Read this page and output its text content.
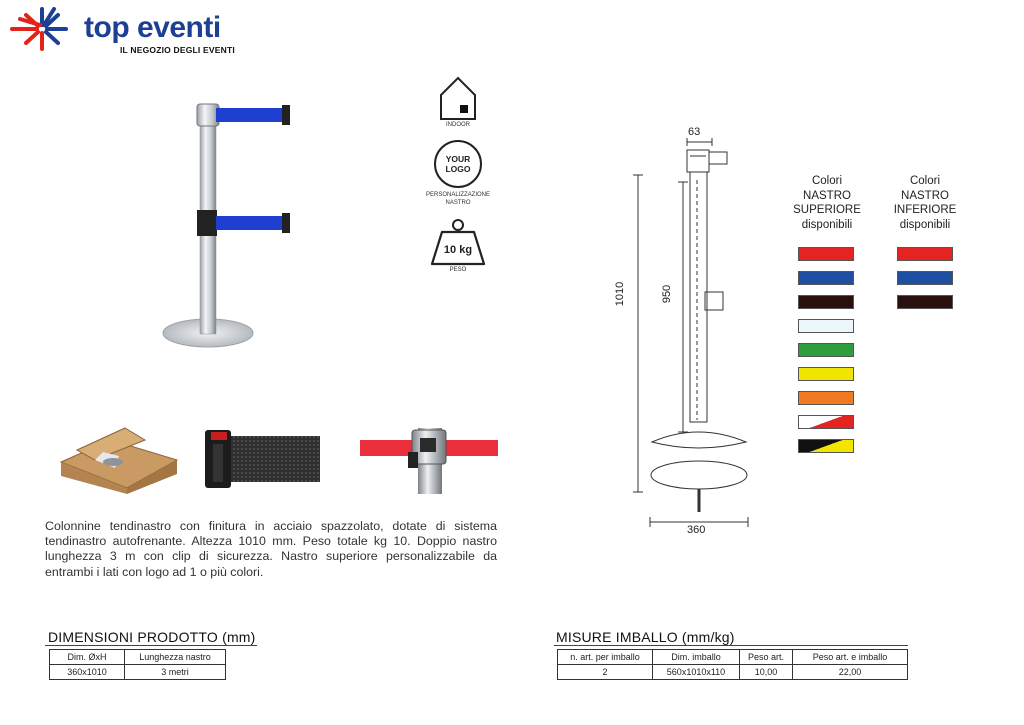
top eventi
IL NEGOZIO DEGLI EVENTI
INDOOR
YOUR LOGO
PERSONALIZZAZIONE NASTRO
10 kg
PESO
63
1010	950
360
Colori
NASTRO
SUPERIORE
disponibili
Colori
NASTRO
INFERIORE
disponibili
Colonnine tendinastro con finitura in acciaio spazzolato, dotate di sistema tendinastro autofrenante. Altezza 1010 mm. Peso totale kg 10. Doppio nastro lunghezza 3 m con clip di sicurezza. Nastro superiore personalizzabile da entrambi i lati con logo ad 1 o più colori.
DIMENSIONI PRODOTTO (mm)
Dim. ØxH	Lunghezza nastro
360x1010	3 metri
MISURE IMBALLO (mm/kg)
n. art. per imballo	Dim. imballo	Peso art.	Peso art. e imballo
2	560x1010x110	10,00	22,00
